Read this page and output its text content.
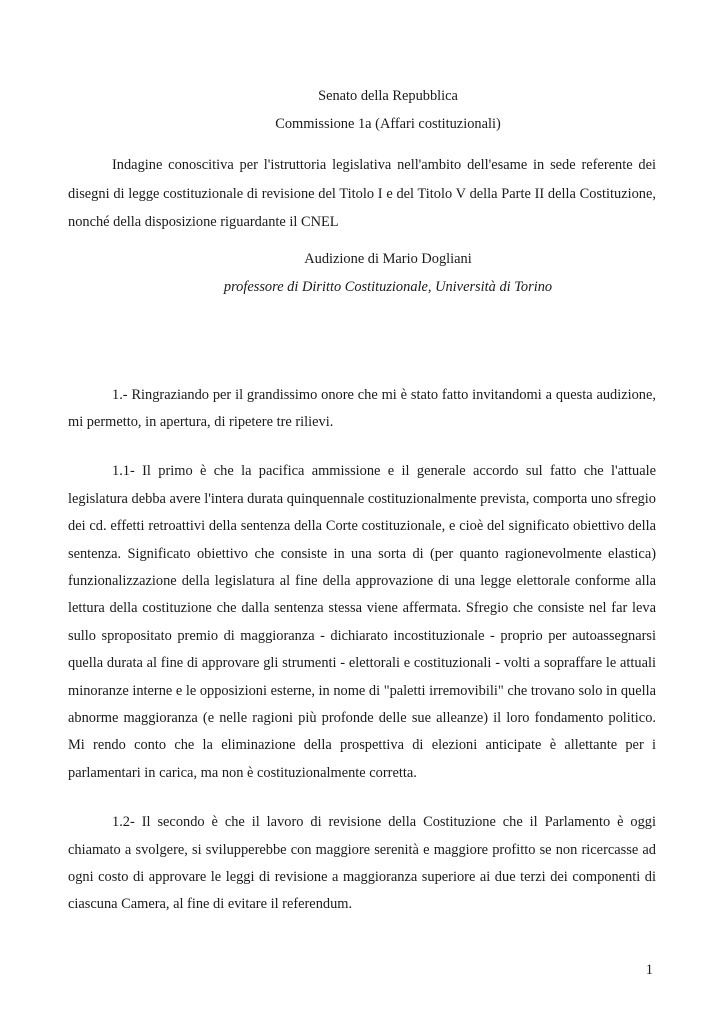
Senato della Repubblica
Commissione 1a (Affari costituzionali)

Indagine conoscitiva per l'istruttoria legislativa nell'ambito dell'esame in sede referente dei disegni di legge costituzionale di revisione del Titolo I e del Titolo V della Parte II della Costituzione, nonché della disposizione riguardante il CNEL

Audizione di Mario Dogliani
professore di Diritto Costituzionale, Università di Torino

1.- Ringraziando per il grandissimo onore che mi è stato fatto invitandomi a questa audizione, mi permetto, in apertura, di ripetere tre rilievi.

1.1- Il primo è che la pacifica ammissione e il generale accordo sul fatto che l'attuale legislatura debba avere l'intera durata quinquennale costituzionalmente prevista, comporta uno sfregio dei cd. effetti retroattivi della sentenza della Corte costituzionale, e cioè del significato obiettivo della sentenza. Significato obiettivo che consiste in una sorta di (per quanto ragionevolmente elastica) funzionalizzazione della legislatura al fine della approvazione di una legge elettorale conforme alla lettura della costituzione che dalla sentenza stessa viene affermata. Sfregio che consiste nel far leva sullo spropositato premio di maggioranza - dichiarato incostituzionale - proprio per autoassegnarsi quella durata al fine di approvare gli strumenti - elettorali e costituzionali - volti a sopraffare le attuali minoranze interne e le opposizioni esterne, in nome di "paletti irremovibili" che trovano solo in quella abnorme maggioranza (e nelle ragioni più profonde delle sue alleanze) il loro fondamento politico. Mi rendo conto che la eliminazione della prospettiva di elezioni anticipate è allettante per i parlamentari in carica, ma non è costituzionalmente corretta.

1.2- Il secondo è che il lavoro di revisione della Costituzione che il Parlamento è oggi chiamato a svolgere, si svilupperebbe con maggiore serenità e maggiore profitto se non ricercasse ad ogni costo di approvare le leggi di revisione a maggioranza superiore ai due terzi dei componenti di ciascuna Camera, al fine di evitare il referendum.

1
